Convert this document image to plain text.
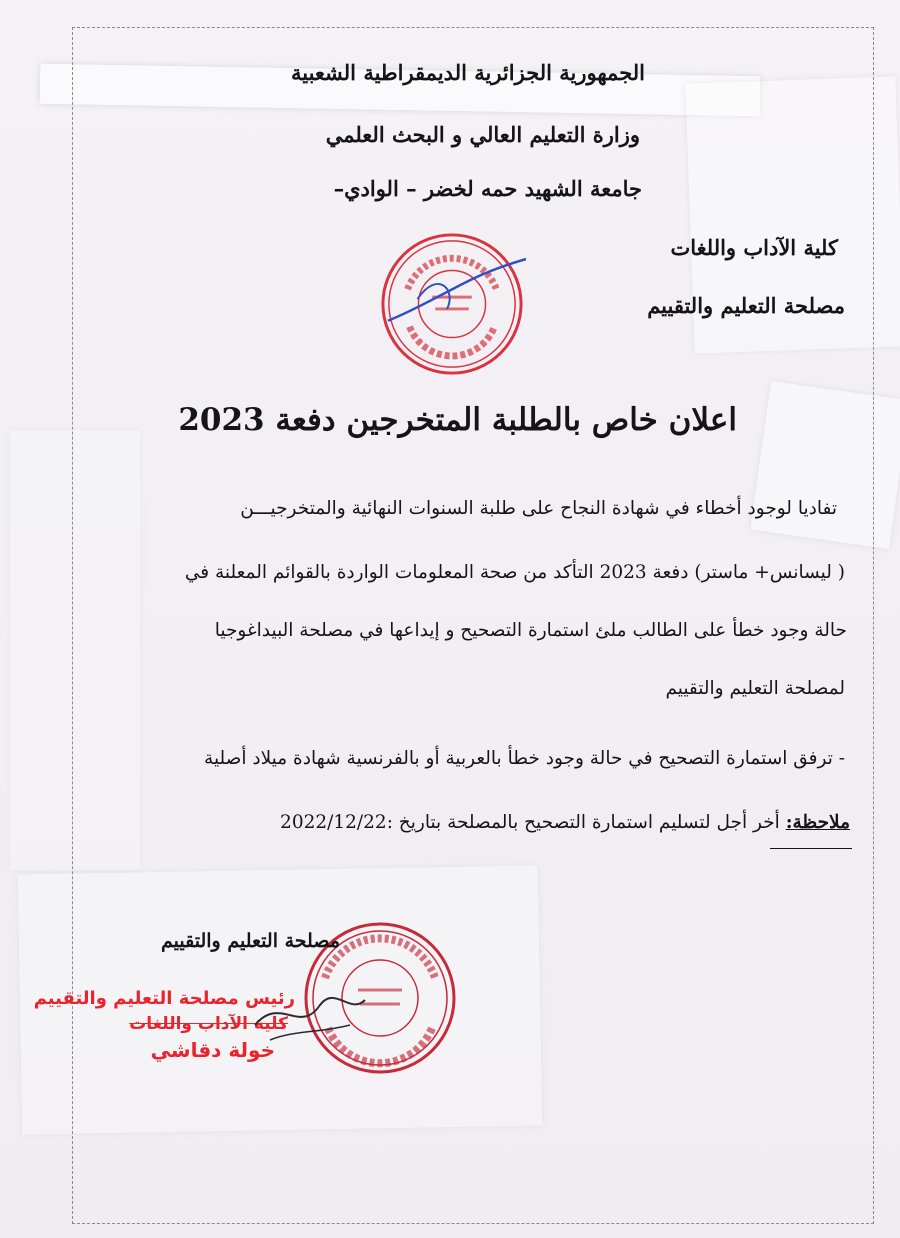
الجمهورية الجزائرية الديمقراطية الشعبية
وزارة التعليم العالي و البحث العلمي
جامعة الشهيد حمه لخضر – الوادي–
كلية الآداب واللغات
مصلحة التعليم والتقييم
اعلان خاص بالطلبة المتخرجين دفعة 2023
تفاديا لوجود أخطاء في شهادة النجاح على طلبة السنوات النهائية والمتخرجيـــن
( ليسانس+ ماستر) دفعة 2023 التأكد من صحة المعلومات الواردة بالقوائم المعلنة في
حالة وجود خطأ على الطالب ملئ استمارة التصحيح و إيداعها في مصلحة البيداغوجيا
لمصلحة التعليم والتقييم
- ترفق استمارة التصحيح في حالة وجود خطأ بالعربية أو بالفرنسية شهادة ميلاد أصلية
ملاحظة: أخر أجل لتسليم استمارة التصحيح بالمصلحة بتاريخ :2022/12/22
مصلحة التعليم والتقييم
رئيس مصلحة التعليم والتقييم
كلية الآداب واللغات
خولة دقاشي
